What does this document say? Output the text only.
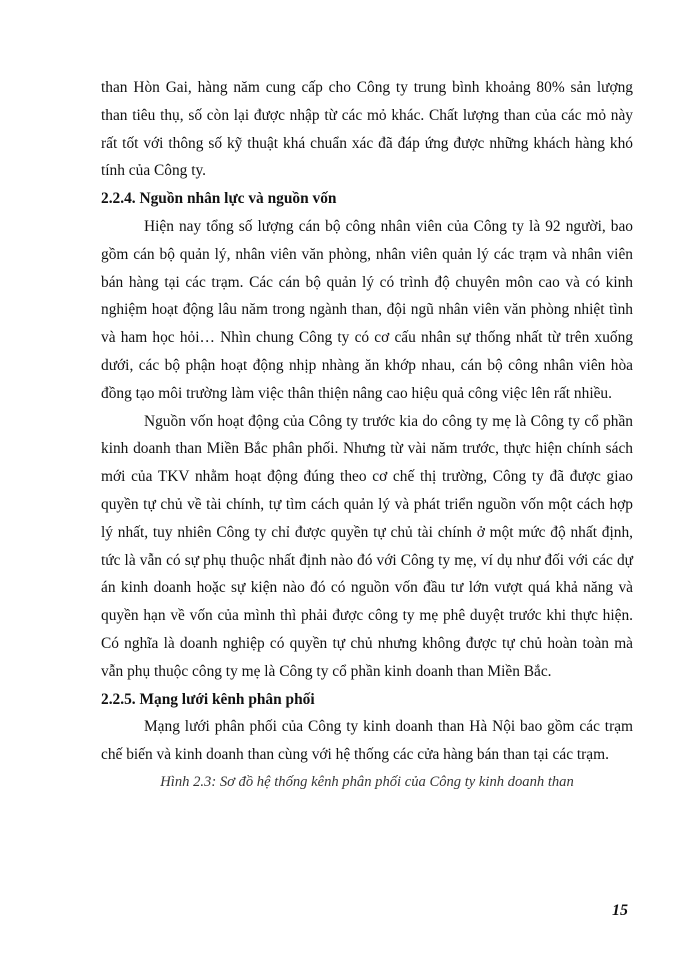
than Hòn Gai, hàng năm cung cấp cho Công ty trung bình khoảng 80% sản lượng than tiêu thụ, số còn lại được nhập từ các mỏ khác. Chất lượng than của các mỏ này rất tốt với thông số kỹ thuật khá chuẩn xác đã đáp ứng được những khách hàng khó tính của Công ty.

2.2.4. Nguồn nhân lực và nguồn vốn

Hiện nay tổng số lượng cán bộ công nhân viên của Công ty là 92 người, bao gồm cán bộ quản lý, nhân viên văn phòng, nhân viên quản lý các trạm và nhân viên bán hàng tại các trạm. Các cán bộ quản lý có trình độ chuyên môn cao và có kinh nghiệm hoạt động lâu năm trong ngành than, đội ngũ nhân viên văn phòng nhiệt tình và ham học hỏi… Nhìn chung Công ty có cơ cấu nhân sự thống nhất từ trên xuống dưới, các bộ phận hoạt động nhịp nhàng ăn khớp nhau, cán bộ công nhân viên hòa đồng tạo môi trường làm việc thân thiện nâng cao hiệu quả công việc lên rất nhiều.

Nguồn vốn hoạt động của Công ty trước kia do công ty mẹ là Công ty cổ phần kinh doanh than Miền Bắc phân phối. Nhưng từ vài năm trước, thực hiện chính sách mới của TKV nhằm hoạt động đúng theo cơ chế thị trường, Công ty đã được giao quyền tự chủ về tài chính, tự tìm cách quản lý và phát triển nguồn vốn một cách hợp lý nhất, tuy nhiên Công ty chỉ được quyền tự chủ tài chính ở một mức độ nhất định, tức là vẫn có sự phụ thuộc nhất định nào đó với Công ty mẹ, ví dụ như đối với các dự án kinh doanh hoặc sự kiện nào đó có nguồn vốn đầu tư lớn vượt quá khả năng và quyền hạn về vốn của mình thì phải được công ty mẹ phê duyệt trước khi thực hiện. Có nghĩa là doanh nghiệp có quyền tự chủ nhưng không được tự chủ hoàn toàn mà vẫn phụ thuộc công ty mẹ là Công ty cổ phần kinh doanh than Miền Bắc.

2.2.5. Mạng lưới kênh phân phối

Mạng lưới phân phối của Công ty kinh doanh than Hà Nội bao gồm các trạm chế biến và kinh doanh than cùng với hệ thống các cửa hàng bán than tại các trạm.

Hình 2.3: Sơ đồ hệ thống kênh phân phối của Công ty kinh doanh than

15
